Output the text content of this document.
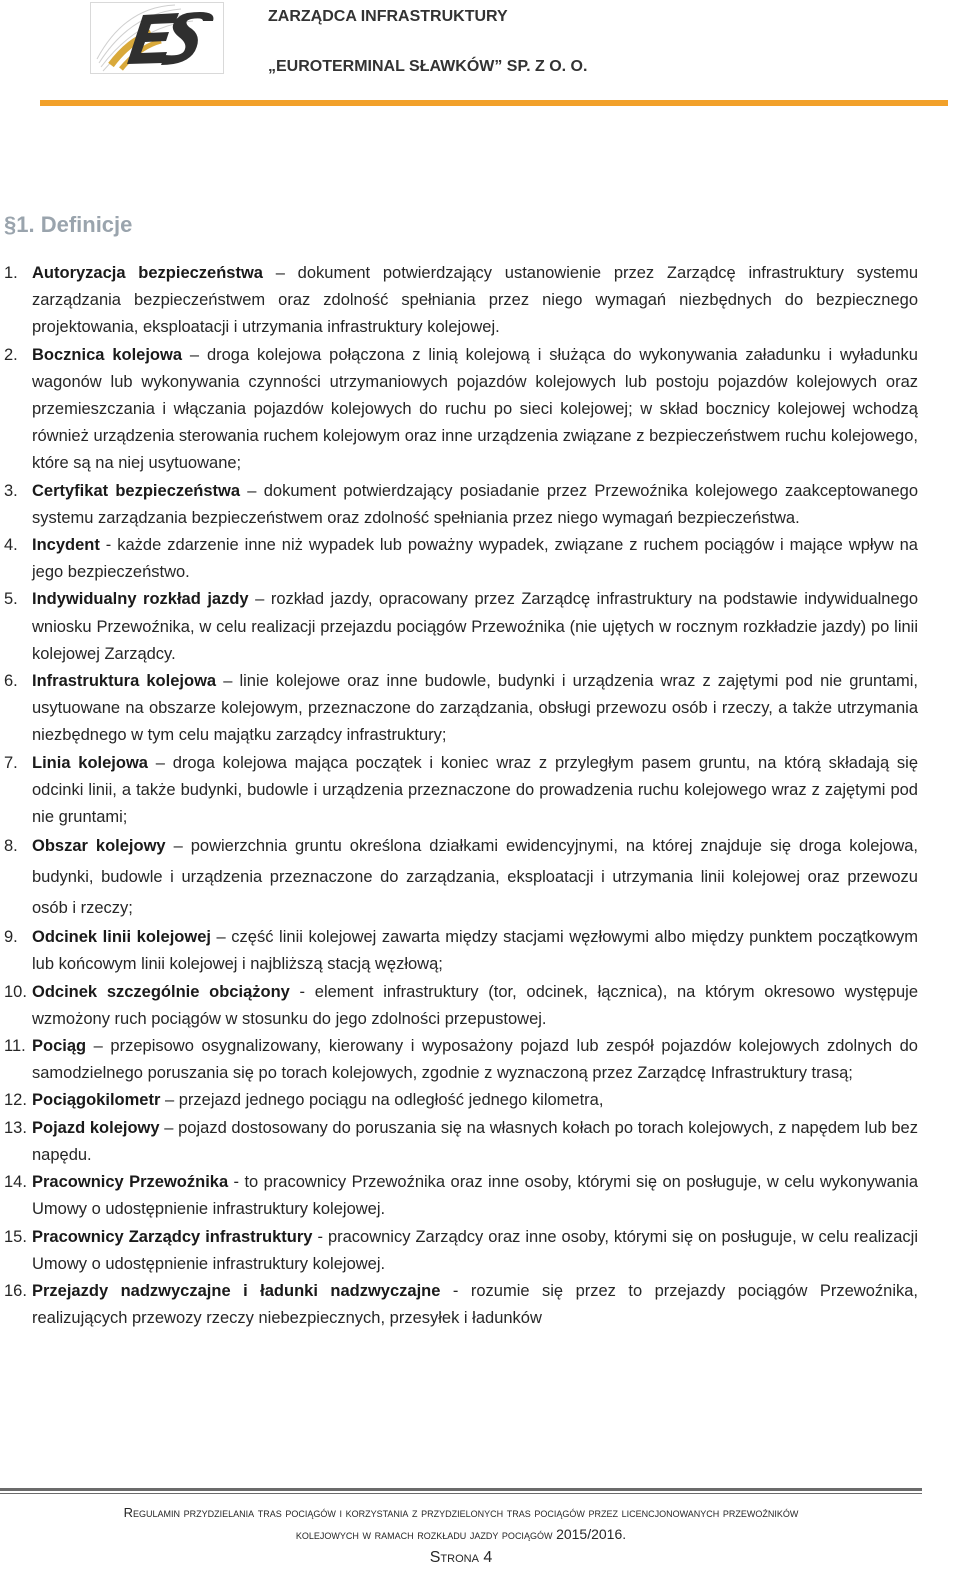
ZARZĄDCA INFRASTRUKTURY
„EUROTERMINAL SŁAWKÓW” SP. Z O. O.
§1. Definicje

1. Autoryzacja bezpieczeństwa – dokument potwierdzający ustanowienie przez Zarządcę infrastruktury systemu zarządzania bezpieczeństwem oraz zdolność spełniania przez niego wymagań niezbędnych do bezpiecznego projektowania, eksploatacji i utrzymania infrastruktury kolejowej.

2. Bocznica kolejowa – droga kolejowa połączona z linią kolejową i służąca do wykonywania załadunku i wyładunku wagonów lub wykonywania czynności utrzymaniowych pojazdów kolejowych lub postoju pojazdów kolejowych oraz przemieszczania i włączania pojazdów kolejowych do ruchu po sieci kolejowej; w skład bocznicy kolejowej wchodzą również urządzenia sterowania ruchem kolejowym oraz inne urządzenia związane z bezpieczeństwem ruchu kolejowego, które są na niej usytuowane;

3. Certyfikat bezpieczeństwa – dokument potwierdzający posiadanie przez Przewoźnika kolejowego zaakceptowanego systemu zarządzania bezpieczeństwem oraz zdolność spełniania przez niego wymagań bezpieczeństwa.

4. Incydent - każde zdarzenie inne niż wypadek lub poważny wypadek, związane z ruchem pociągów i mające wpływ na jego bezpieczeństwo.

5. Indywidualny rozkład jazdy – rozkład jazdy, opracowany przez Zarządcę infrastruktury na podstawie indywidualnego wniosku Przewoźnika, w celu realizacji przejazdu pociągów Przewoźnika (nie ujętych w rocznym rozkładzie jazdy) po linii kolejowej Zarządcy.

6. Infrastruktura kolejowa – linie kolejowe oraz inne budowle, budynki i urządzenia wraz z zajętymi pod nie gruntami, usytuowane na obszarze kolejowym, przeznaczone do zarządzania, obsługi przewozu osób i rzeczy, a także utrzymania niezbędnego w tym celu majątku zarządcy infrastruktury;

7. Linia kolejowa – droga kolejowa mająca początek i koniec wraz z przyległym pasem gruntu, na którą składają się odcinki linii, a także budynki, budowle i urządzenia przeznaczone do prowadzenia ruchu kolejowego wraz z zajętymi pod nie gruntami;

8. Obszar kolejowy – powierzchnia gruntu określona działkami ewidencyjnymi, na której znajduje się droga kolejowa, budynki, budowle i urządzenia przeznaczone do zarządzania, eksploatacji i utrzymania linii kolejowej oraz przewozu osób i rzeczy;

9. Odcinek linii kolejowej – część linii kolejowej zawarta między stacjami węzłowymi albo między punktem początkowym lub końcowym linii kolejowej i najbliższą stacją węzłową;

10. Odcinek szczególnie obciążony - element infrastruktury (tor, odcinek, łącznica), na którym okresowo występuje wzmożony ruch pociągów w stosunku do jego zdolności przepustowej.

11. Pociąg – przepisowo osygnalizowany, kierowany i wyposażony pojazd lub zespół pojazdów kolejowych zdolnych do samodzielnego poruszania się po torach kolejowych, zgodnie z wyznaczoną przez Zarządcę Infrastruktury trasą;

12. Pociągokilometr – przejazd jednego pociągu na odległość jednego kilometra,

13. Pojazd kolejowy – pojazd dostosowany do poruszania się na własnych kołach po torach kolejowych, z napędem lub bez napędu.

14. Pracownicy Przewoźnika - to pracownicy Przewoźnika oraz inne osoby, którymi się on posługuje, w celu wykonywania Umowy o udostępnienie infrastruktury kolejowej.

15. Pracownicy Zarządcy infrastruktury - pracownicy Zarządcy oraz inne osoby, którymi się on posługuje, w celu realizacji Umowy o udostępnienie infrastruktury kolejowej.

16. Przejazdy nadzwyczajne i ładunki nadzwyczajne - rozumie się przez to przejazdy pociągów Przewoźnika, realizujących przewozy rzeczy niebezpiecznych, przesyłek i ładunków

Regulamin przydzielania tras pociągów i korzystania z przydzielonych tras pociągów przez licencjonowanych przewoźników
kolejowych w ramach rozkładu jazdy pociągów 2015/2016.
Strona 4
